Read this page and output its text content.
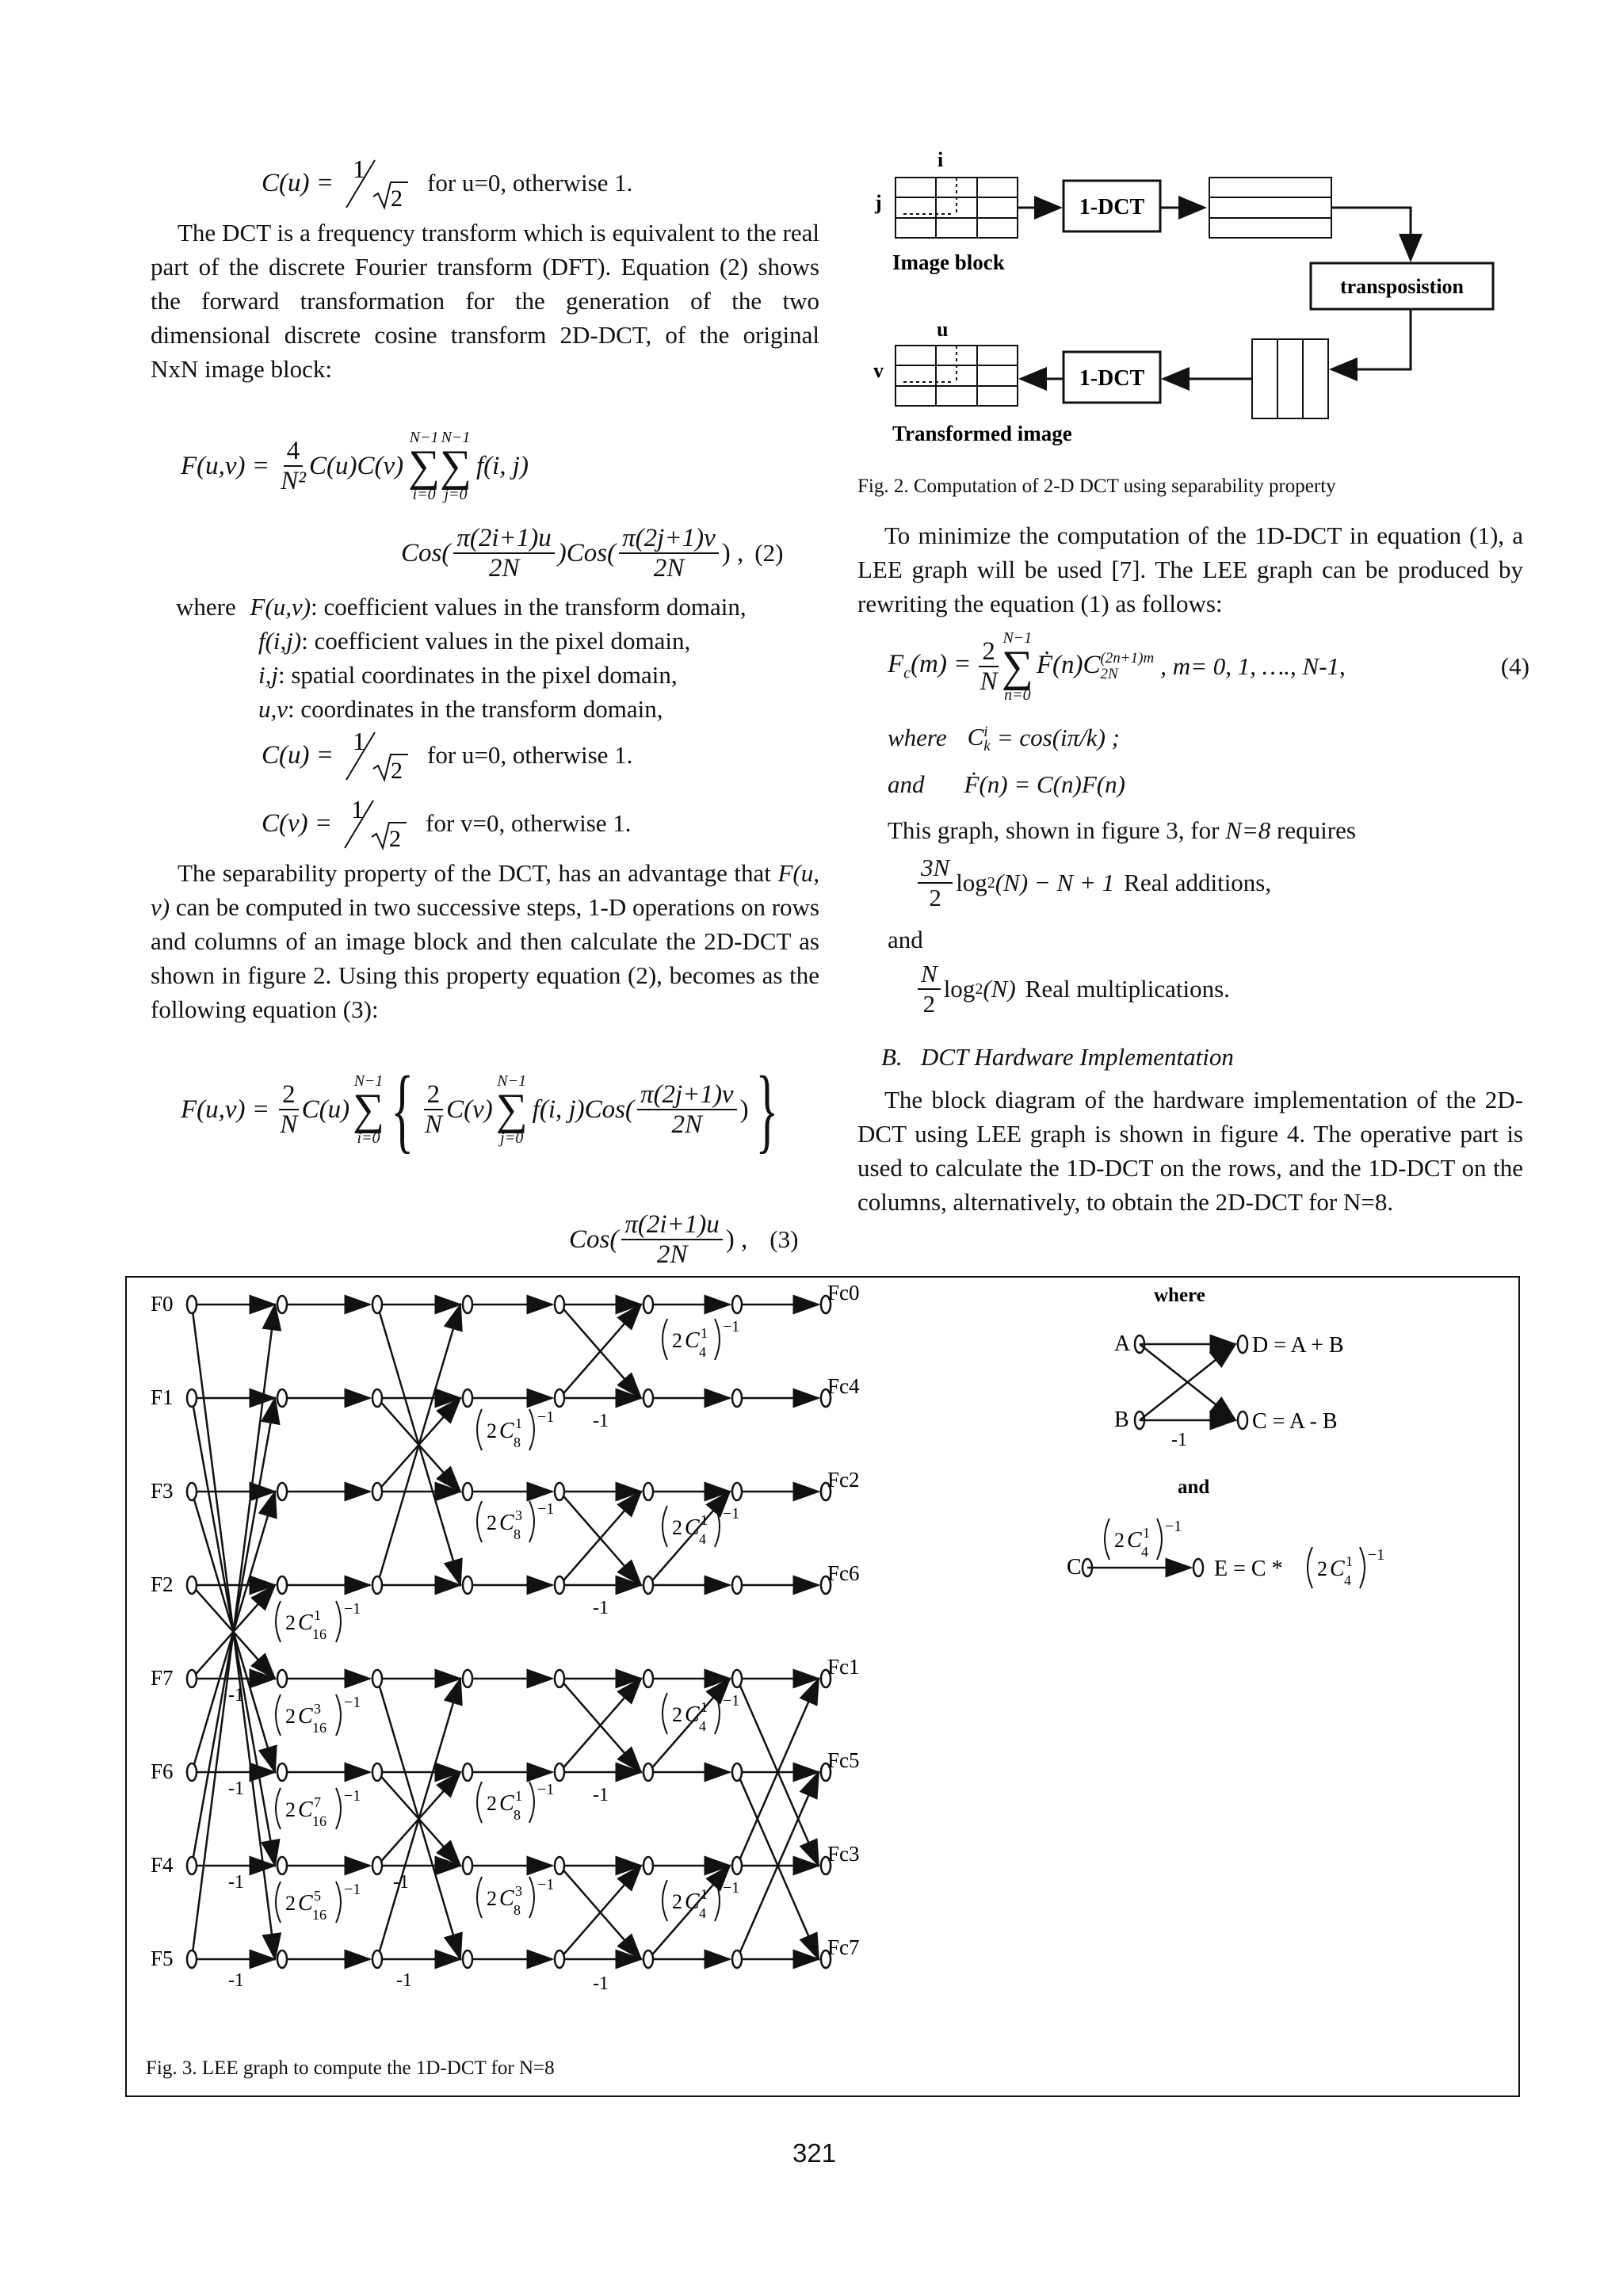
C(u) = 1
2
for u=0, otherwise 1.

The DCT is a frequency transform which is equivalent to the real part of the discrete Fourier transform (DFT). Equation (2) shows the forward transformation for the generation of the two dimensional discrete cosine transform 2D-DCT, of the original NxN image block:

$F(u,v) = \frac{4}{\text{N²}} C(u)C(v)$
N−1
∑
i=0
N−1
∑
j=0
f(i, j)
$Cos( \frac{\pi(2i+1)u}{2N} )Cos( \frac{\pi(2j+1)v}{2N}$ ) , (2)
where F(u,v): coefficient values in the transform domain,
f(i,j): coefficient values in the pixel domain,
i,j: spatial coordinates in the pixel domain,
u,v: coordinates in the transform domain,
C(u) = 1
2
for u=0, otherwise 1.
C(v) = 1
2
for v=0, otherwise 1.

The separability property of the DCT, has an advantage that F(u, v) can be computed in two successive steps, 1-D operations on rows and columns of an image block and then calculate the 2D-DCT as shown in figure 2. Using this property equation (2), becomes as the following equation (3):

$F(u,v) = \frac{2}{N} C(u)$
N−1
∑
i=0 { $\frac{2}{N} C(v)$
N−1
∑
j=0
f(i, $j)Cos( \frac{\pi(2j+1)v}{2N}$ ) }
$Cos( \frac{\pi(2i+1)u}{2N}$ ) , (3)
i
j
Image block
1-DCT
transposistion
1-DCT
u
v
Transformed image
Fig. 2. Computation of 2-D DCT using separability property

To minimize the computation of the 1D-DCT in equation (1), a LEE graph will be used [7]. The LEE graph can be produced by rewriting the equation (1) as follows:

$F_c(m) = \frac{2}{N} N-1$
∑
n=0
Ḟ(n)C (2n+1)m
2N	, m= 0, 1, …., N-1,	(4)
where C i
k = cos(iπ/k) ;
and Ḟ(n) = C(n)F(n)
This graph, shown in figure 3, for N=8 requires
$\frac{3N}{2}$ log 2 (N) − N + 1 Real additions,
and
$\frac{N}{2}$ log 2 (N) Real multiplications.
B.   DCT Hardware Implementation

The block diagram of the hardware implementation of the 2D-DCT using LEE graph is shown in figure 4. The operative part is used to calculate the 1D-DCT on the rows, and the 1D-DCT on the columns, alternatively, to obtain the 2D-DCT for N=8.

F0
F1
F3
F2
F7
F6
F4
F5
Fc0
Fc4
Fc2
Fc6
Fc1
Fc5
Fc3
Fc7
-1
-1
-1
-1
-1
-1
-1
-1
-1
-1
2 C 1
16
−1
2 C 3
16
−1
2 C 7
16
−1
2 C 5
16
−1
2 C 1
8
−1
2 C 3
8
−1
2 C 1
8
−1
2 C 3
8
−1
2 C 1
4
−1
2 C 1
4
−1
2 C 1
4
−1
2 C 1
4
−1
where
A
B
D = A + B
C = A - B
-1
and
C
2 C 1
4
−1
E = C * 2 C 1
4
−1
Fig. 3. LEE graph to compute the 1D-DCT for N=8
321
